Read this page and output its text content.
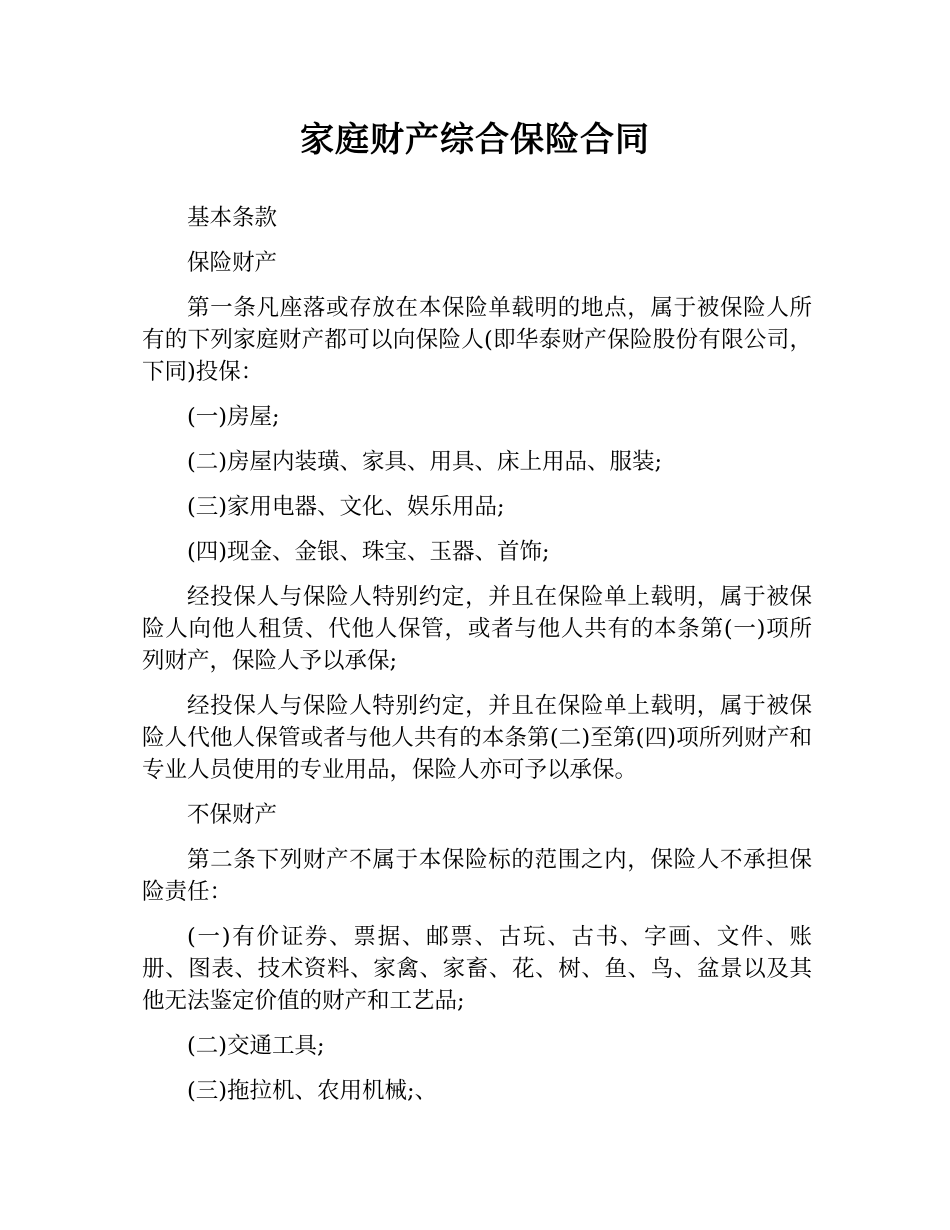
家庭财产综合保险合同

基本条款

保险财产

第一条凡座落或存放在本保险单载明的地点，属于被保险人所有的下列家庭财产都可以向保险人(即华泰财产保险股份有限公司，下同)投保：

(一)房屋;

(二)房屋内装璜、家具、用具、床上用品、服装;

(三)家用电器、文化、娱乐用品;

(四)现金、金银、珠宝、玉器、首饰;

经投保人与保险人特别约定，并且在保险单上载明，属于被保险人向他人租赁、代他人保管，或者与他人共有的本条第(一)项所列财产，保险人予以承保;

经投保人与保险人特别约定，并且在保险单上载明，属于被保险人代他人保管或者与他人共有的本条第(二)至第(四)项所列财产和专业人员使用的专业用品，保险人亦可予以承保。

不保财产

第二条下列财产不属于本保险标的范围之内，保险人不承担保险责任：

(一)有价证券、票据、邮票、古玩、古书、字画、文件、账册、图表、技术资料、家禽、家畜、花、树、鱼、鸟、盆景以及其他无法鉴定价值的财产和工艺品;

(二)交通工具;

(三)拖拉机、农用机械;、
